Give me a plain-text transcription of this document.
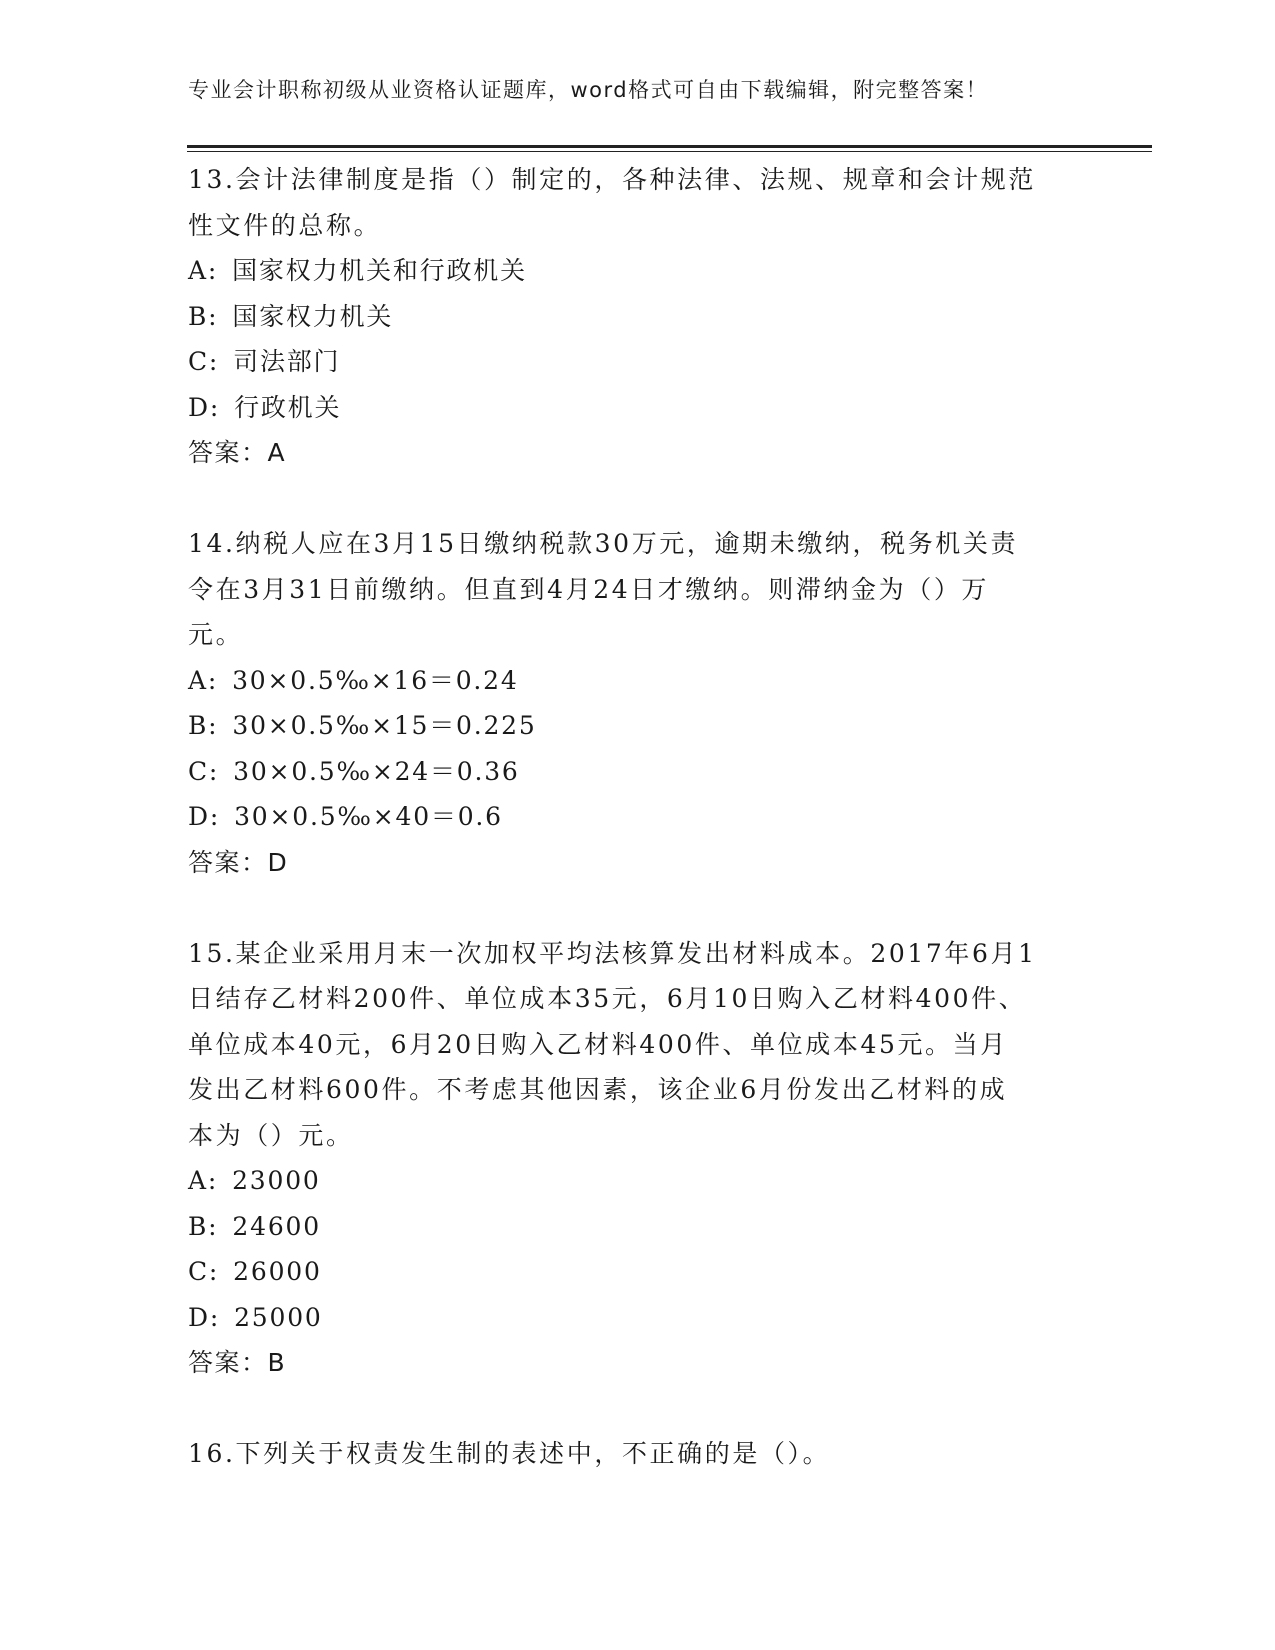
专业会计职称初级从业资格认证题库，word格式可自由下载编辑，附完整答案！
13.会计法律制度是指（）制定的，各种法律、法规、规章和会计规范
性文件的总称。
A: 国家权力机关和行政机关
B: 国家权力机关
C: 司法部门
D: 行政机关
答案：A
14.纳税人应在3月15日缴纳税款30万元，逾期未缴纳，税务机关责
令在3月31日前缴纳。但直到4月24日才缴纳。则滞纳金为（）万
元。
A: 30×0.5‰×16＝0.24
B: 30×0.5‰×15＝0.225
C: 30×0.5‰×24＝0.36
D: 30×0.5‰×40＝0.6
答案：D
15.某企业采用月末一次加权平均法核算发出材料成本。2017年6月1
日结存乙材料200件、单位成本35元，6月10日购入乙材料400件、
单位成本40元，6月20日购入乙材料400件、单位成本45元。当月
发出乙材料600件。不考虑其他因素，该企业6月份发出乙材料的成
本为（）元。
A: 23000
B: 24600
C: 26000
D: 25000
答案：B
16.下列关于权责发生制的表述中，不正确的是（）。
